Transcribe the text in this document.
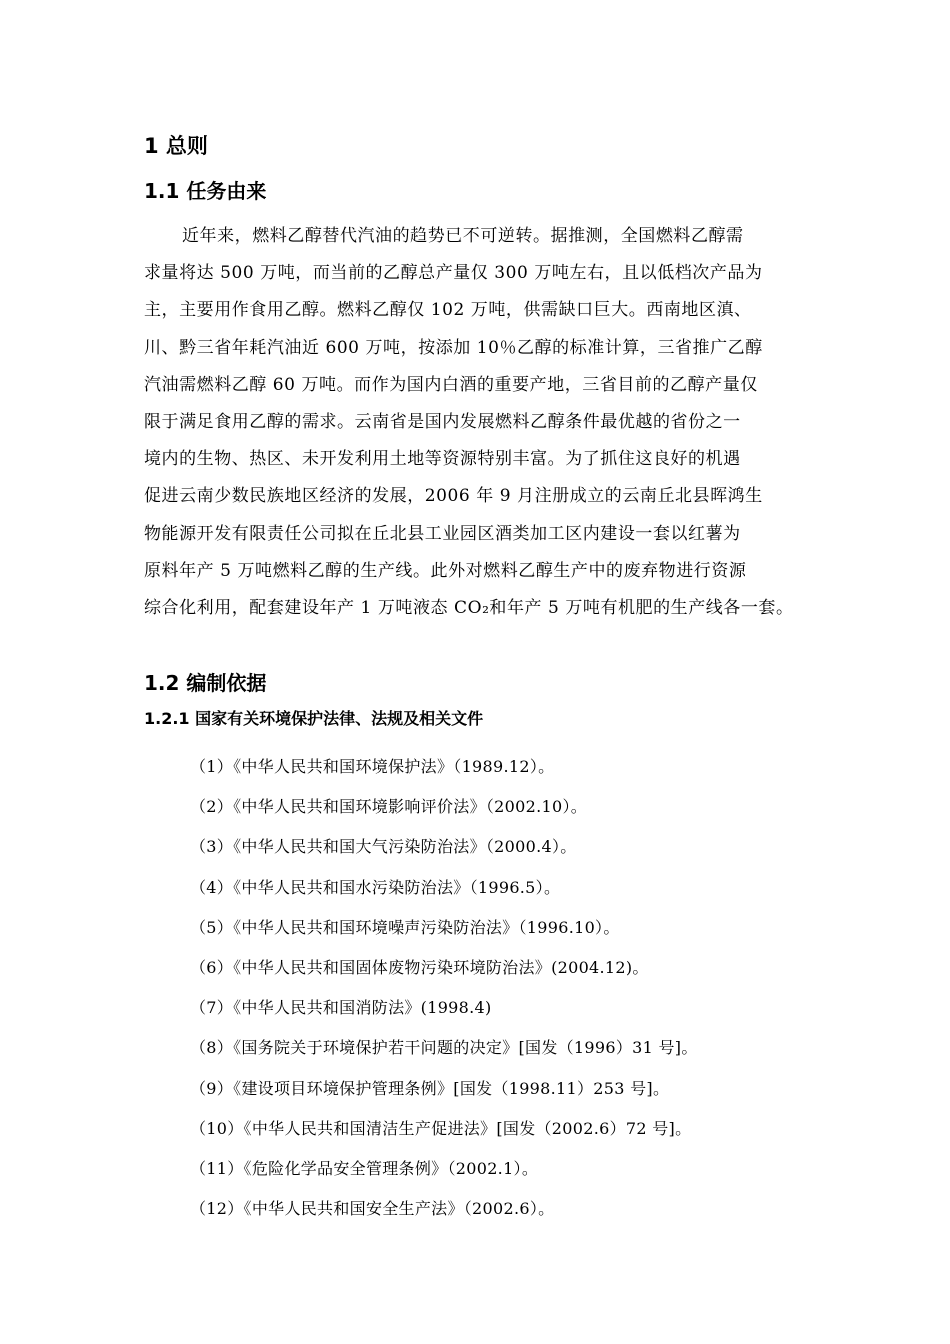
1 总则
1.1 任务由来
近年来，燃料乙醇替代汽油的趋势已不可逆转。据推测，全国燃料乙醇需
求量将达 500 万吨，而当前的乙醇总产量仅 300 万吨左右，且以低档次产品为
主，主要用作食用乙醇。燃料乙醇仅 102 万吨，供需缺口巨大。西南地区滇、
川、黔三省年耗汽油近 600 万吨，按添加 10％乙醇的标准计算，三省推广乙醇
汽油需燃料乙醇 60 万吨。而作为国内白酒的重要产地，三省目前的乙醇产量仅
限于满足食用乙醇的需求。云南省是国内发展燃料乙醇条件最优越的省份之一
境内的生物、热区、未开发利用土地等资源特别丰富。为了抓住这良好的机遇
促进云南少数民族地区经济的发展，2006 年 9 月注册成立的云南丘北县晖鸿生
物能源开发有限责任公司拟在丘北县工业园区酒类加工区内建设一套以红薯为
原料年产 5 万吨燃料乙醇的生产线。此外对燃料乙醇生产中的废弃物进行资源
综合化利用，配套建设年产 1 万吨液态 CO₂和年产 5 万吨有机肥的生产线各一套。
1.2 编制依据
1.2.1 国家有关环境保护法律、法规及相关文件
（1）《中华人民共和国环境保护法》（1989.12）。
（2）《中华人民共和国环境影响评价法》（2002.10）。
（3）《中华人民共和国大气污染防治法》（2000.4）。
（4）《中华人民共和国水污染防治法》（1996.5）。
（5）《中华人民共和国环境噪声污染防治法》（1996.10）。
（6）《中华人民共和国固体废物污染环境防治法》(2004.12)。
（7）《中华人民共和国消防法》(1998.4)
（8）《国务院关于环境保护若干问题的决定》[国发（1996）31 号]。
（9）《建设项目环境保护管理条例》[国发（1998.11）253 号]。
（10）《中华人民共和国清洁生产促进法》[国发（2002.6）72 号]。
（11）《危险化学品安全管理条例》（2002.1）。
（12）《中华人民共和国安全生产法》（2002.6）。
